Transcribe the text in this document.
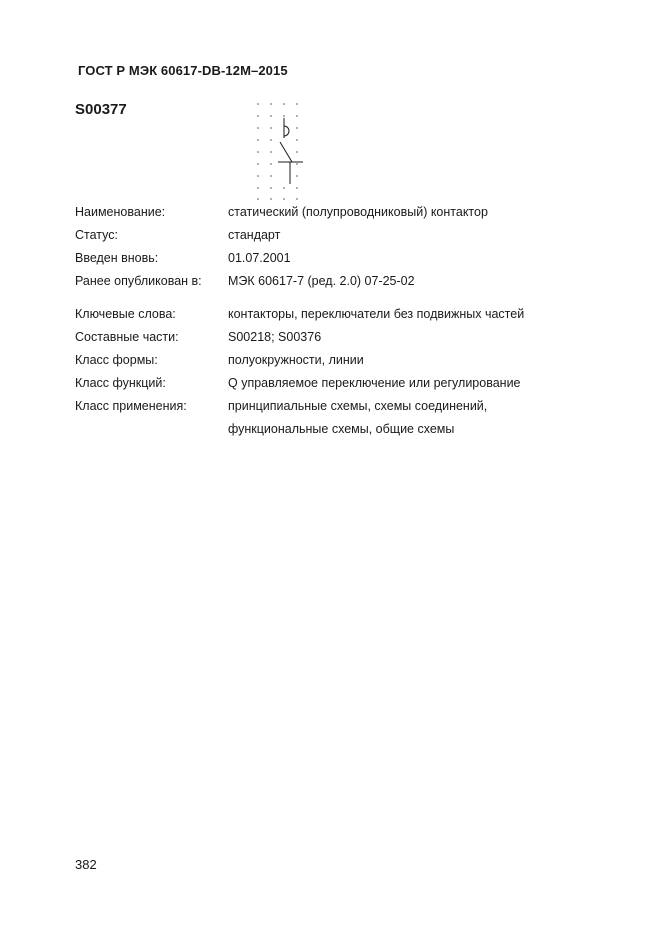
ГОСТ Р МЭК 60617-DB-12M–2015
S00377
Наименование:	статический (полупроводниковый) контактор
Статус:	стандарт
Введен вновь:	01.07.2001
Ранее опубликован в:	МЭК 60617-7 (ред. 2.0) 07-25-02
Ключевые слова:	контакторы, переключатели без подвижных частей
Составные части:	S00218; S00376
Класс формы:	полуокружности, линии
Класс функций:	Q управляемое переключение или регулирование
Класс применения:	принципиальные схемы, схемы соединений,
функциональные схемы, общие схемы
382
